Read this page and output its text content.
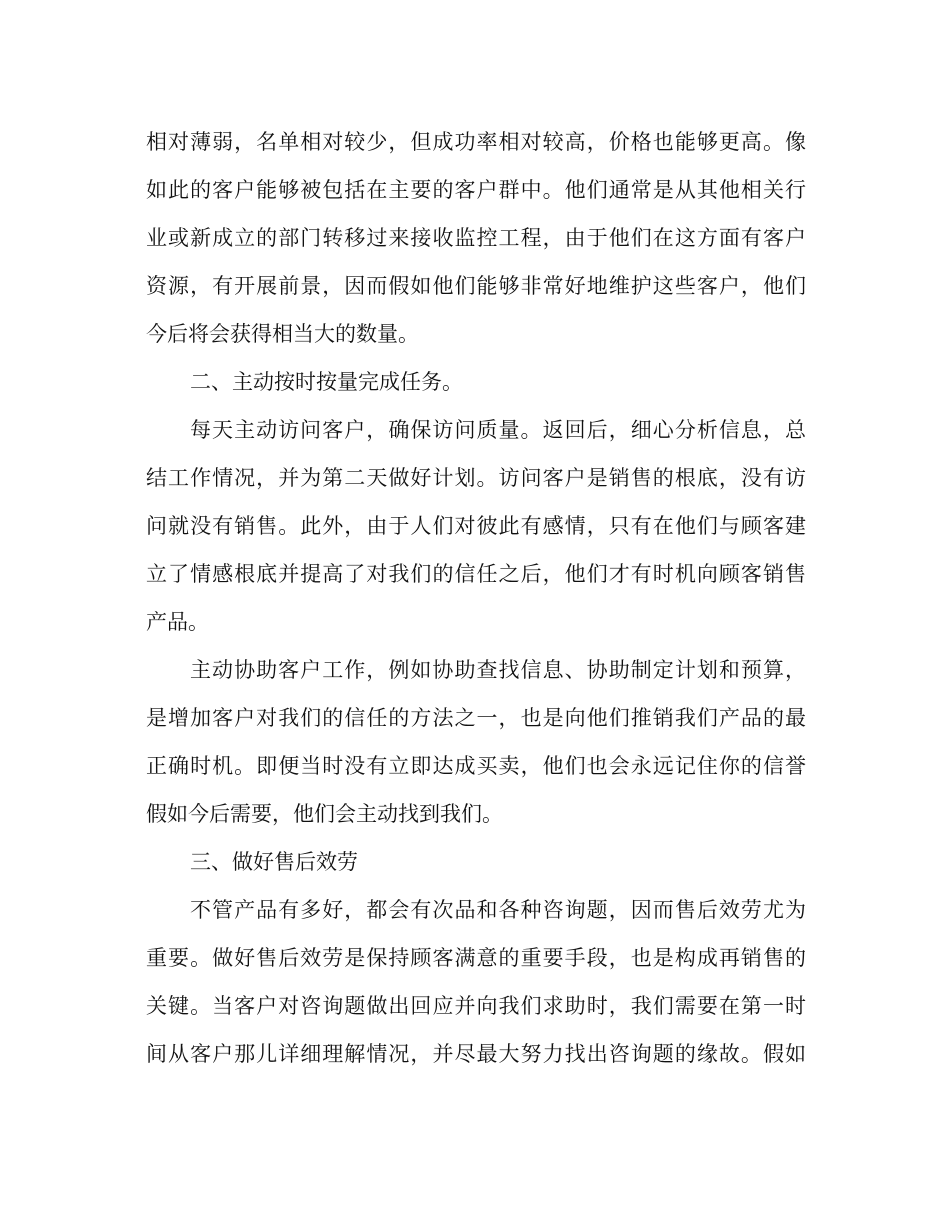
相对薄弱，名单相对较少，但成功率相对较高，价格也能够更高。像
如此的客户能够被包括在主要的客户群中。他们通常是从其他相关行
业或新成立的部门转移过来接收监控工程，由于他们在这方面有客户
资源，有开展前景，因而假如他们能够非常好地维护这些客户，他们
今后将会获得相当大的数量。
二、主动按时按量完成任务。
每天主动访问客户，确保访问质量。返回后，细心分析信息，总
结工作情况，并为第二天做好计划。访问客户是销售的根底，没有访
问就没有销售。此外，由于人们对彼此有感情，只有在他们与顾客建
立了情感根底并提高了对我们的信任之后，他们才有时机向顾客销售
产品。
主动协助客户工作，例如协助查找信息、协助制定计划和预算，
是增加客户对我们的信任的方法之一，也是向他们推销我们产品的最
正确时机。即便当时没有立即达成买卖，他们也会永远记住你的信誉
假如今后需要，他们会主动找到我们。
三、做好售后效劳
不管产品有多好，都会有次品和各种咨询题，因而售后效劳尤为
重要。做好售后效劳是保持顾客满意的重要手段，也是构成再销售的
关键。当客户对咨询题做出回应并向我们求助时，我们需要在第一时
间从客户那儿详细理解情况，并尽最大努力找出咨询题的缘故。假如
